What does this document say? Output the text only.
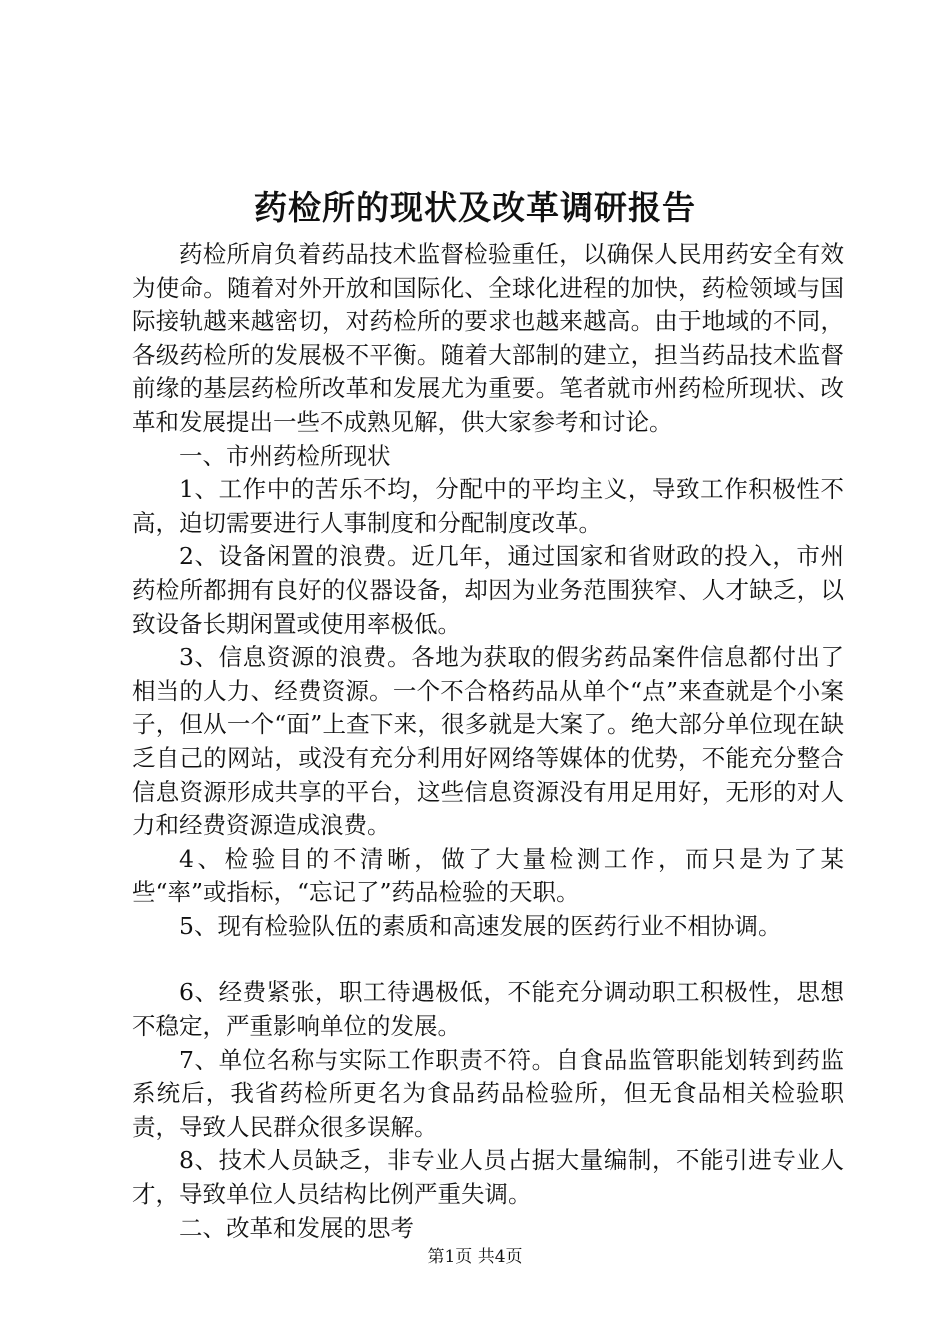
药检所的现状及改革调研报告

药检所肩负着药品技术监督检验重任，以确保人民用药安全有效为使命。随着对外开放和国际化、全球化进程的加快，药检领域与国际接轨越来越密切，对药检所的要求也越来越高。由于地域的不同，各级药检所的发展极不平衡。随着大部制的建立，担当药品技术监督前缘的基层药检所改革和发展尤为重要。笔者就市州药检所现状、改革和发展提出一些不成熟见解，供大家参考和讨论。

一、市州药检所现状

1、工作中的苦乐不均，分配中的平均主义，导致工作积极性不高，迫切需要进行人事制度和分配制度改革。

2、设备闲置的浪费。近几年，通过国家和省财政的投入，市州药检所都拥有良好的仪器设备，却因为业务范围狭窄、人才缺乏，以致设备长期闲置或使用率极低。

3、信息资源的浪费。各地为获取的假劣药品案件信息都付出了相当的人力、经费资源。一个不合格药品从单个“点”来查就是个小案子，但从一个“面”上查下来，很多就是大案了。绝大部分单位现在缺乏自己的网站，或没有充分利用好网络等媒体的优势，不能充分整合信息资源形成共享的平台，这些信息资源没有用足用好，无形的对人力和经费资源造成浪费。

4、检验目的不清晰，做了大量检测工作，而只是为了某些“率”或指标，“忘记了”药品检验的天职。

5、现有检验队伍的素质和高速发展的医药行业不相协调。

6、经费紧张，职工待遇极低，不能充分调动职工积极性，思想不稳定，严重影响单位的发展。

7、单位名称与实际工作职责不符。自食品监管职能划转到药监系统后，我省药检所更名为食品药品检验所，但无食品相关检验职责，导致人民群众很多误解。

8、技术人员缺乏，非专业人员占据大量编制，不能引进专业人才，导致单位人员结构比例严重失调。

二、改革和发展的思考

第1页 共4页
